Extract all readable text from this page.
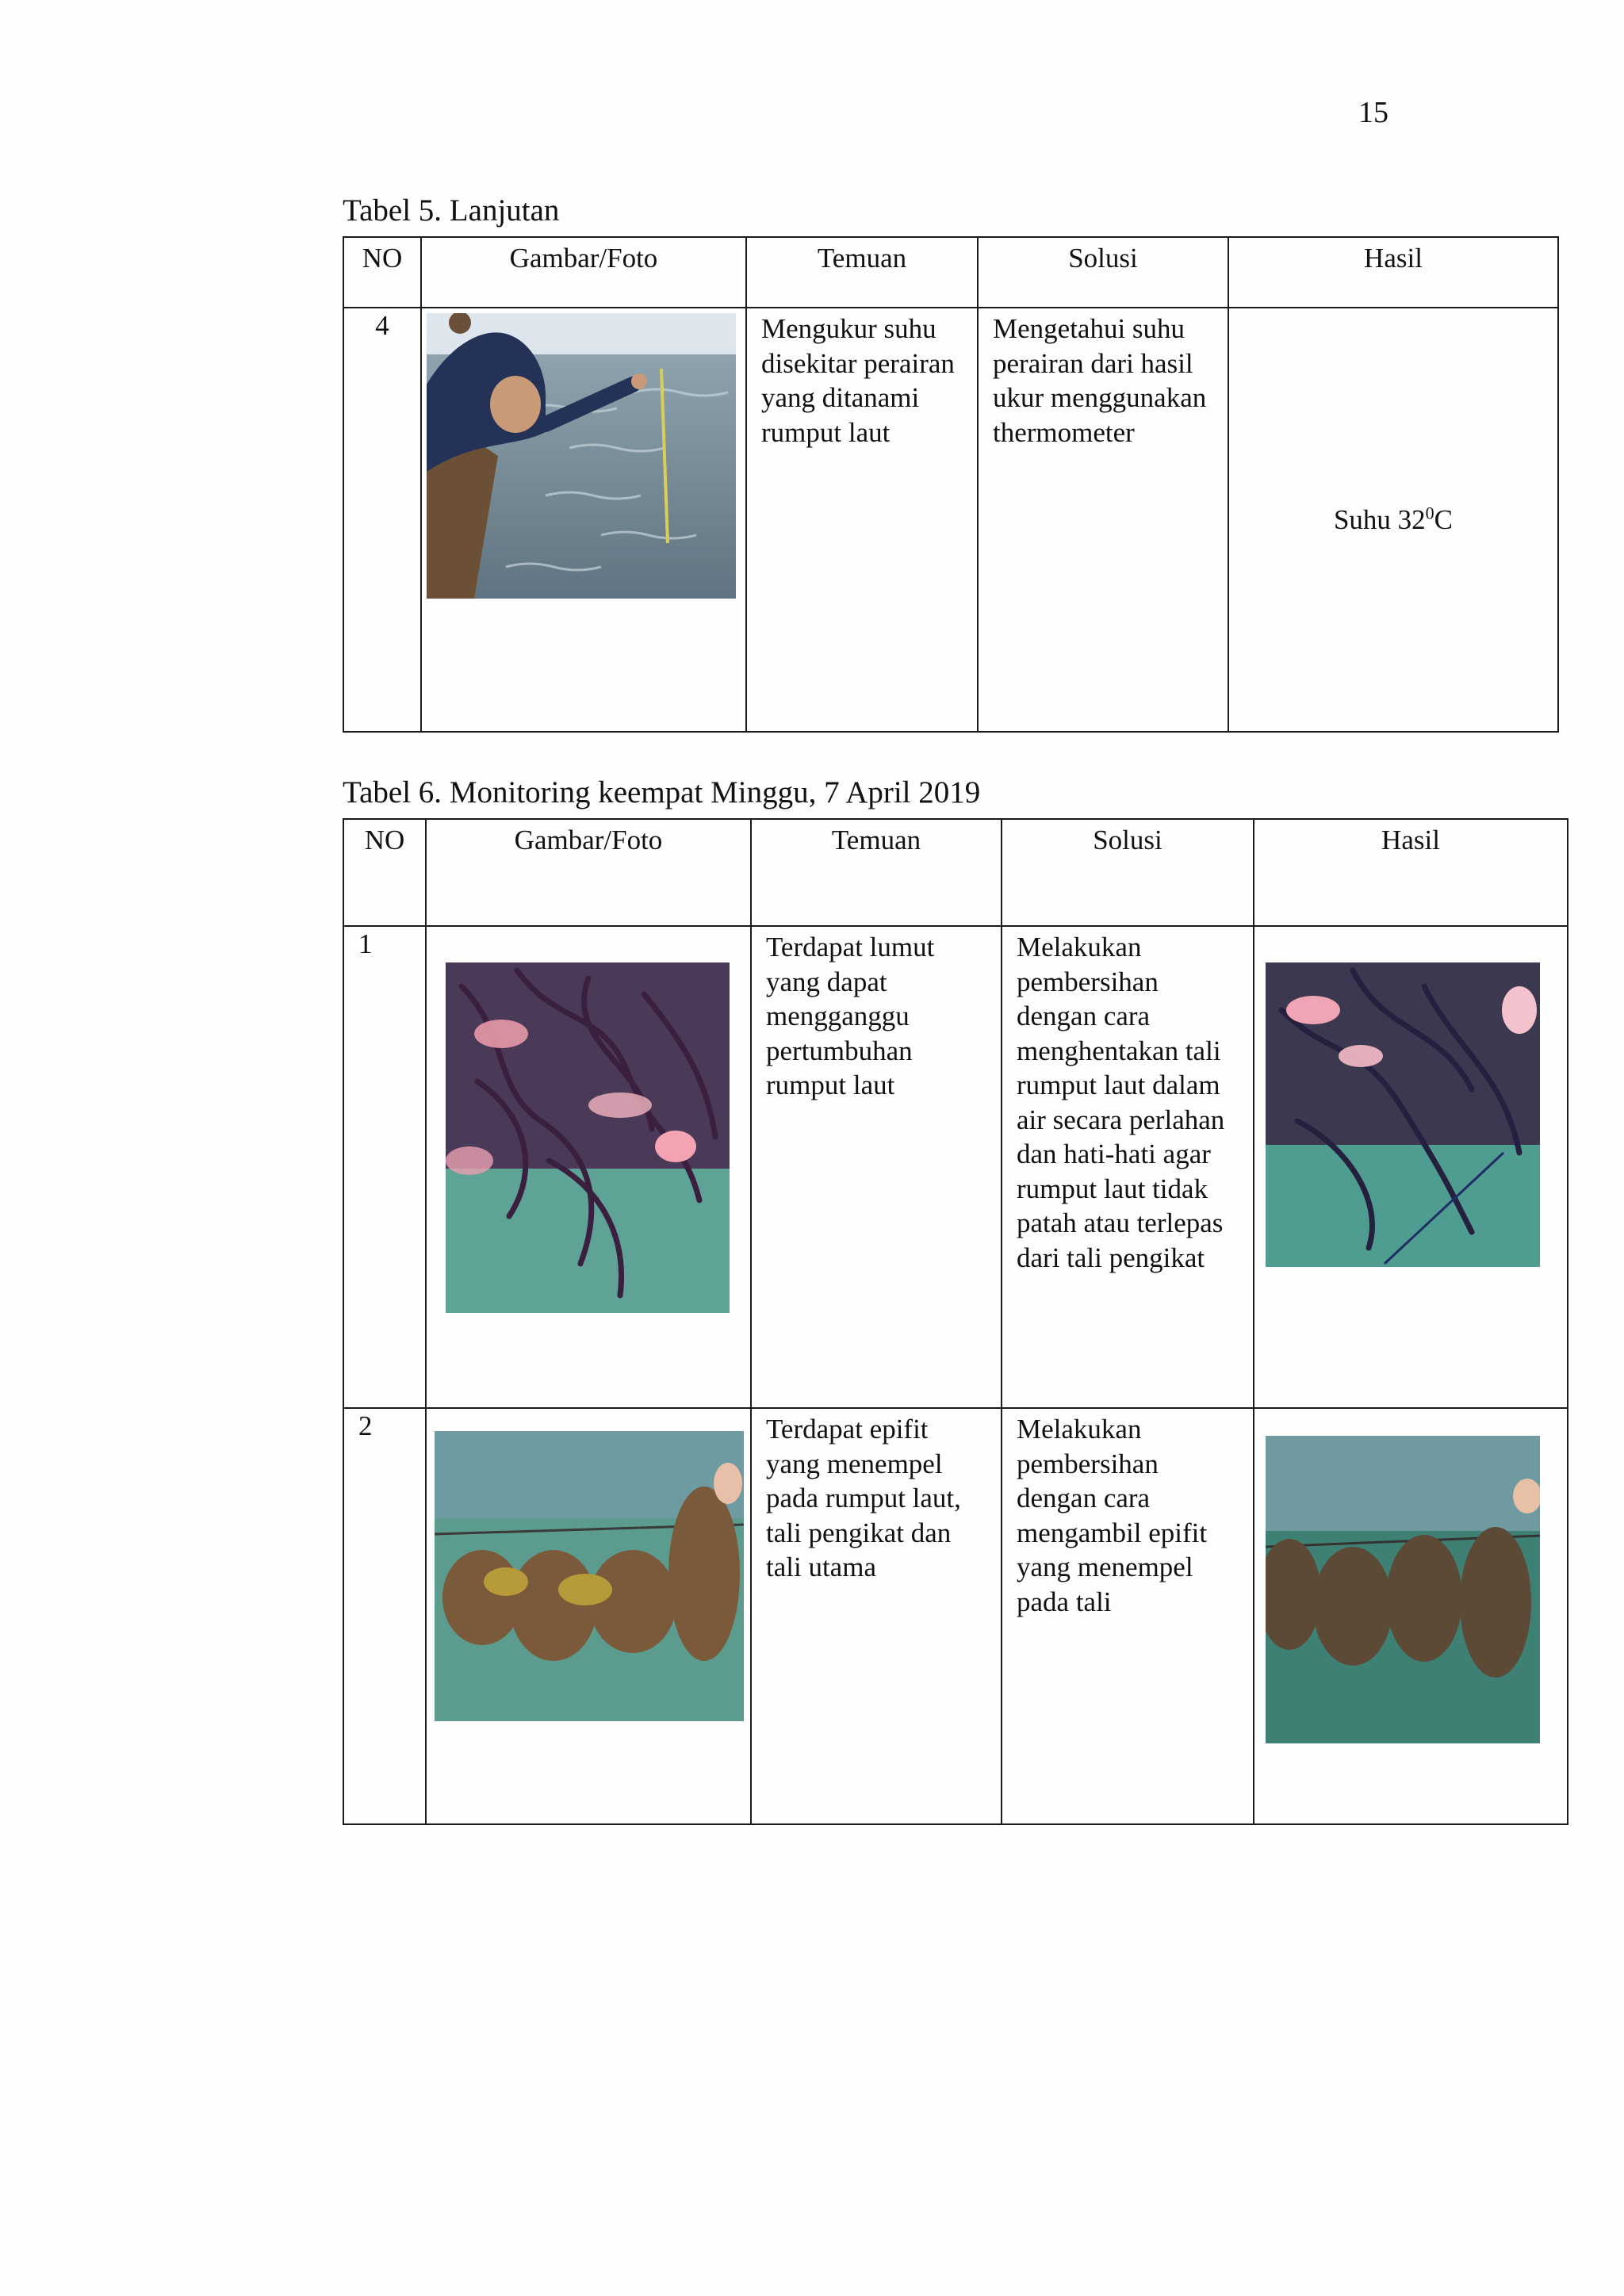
15
Tabel 5. Lanjutan
NO	Gambar/Foto	Temuan	Solusi	Hasil
4		Mengukur suhu disekitar perairan yang ditanami rumput laut	Mengetahui suhu perairan dari hasil ukur menggunakan thermometer	Suhu $32^0C$
Tabel 6. Monitoring keempat Minggu, 7 April 2019
NO	Gambar/Foto	Temuan	Solusi	Hasil
1		Terdapat lumut yang dapat mengganggu pertumbuhan rumput laut	Melakukan pembersihan dengan cara menghentakan tali rumput laut dalam air secara perlahan dan hati-hati agar rumput laut tidak patah atau terlepas dari tali pengikat

2		Terdapat epifit yang menempel pada rumput laut, tali pengikat dan tali utama	Melakukan pembersihan dengan cara mengambil epifit yang menempel pada tali
